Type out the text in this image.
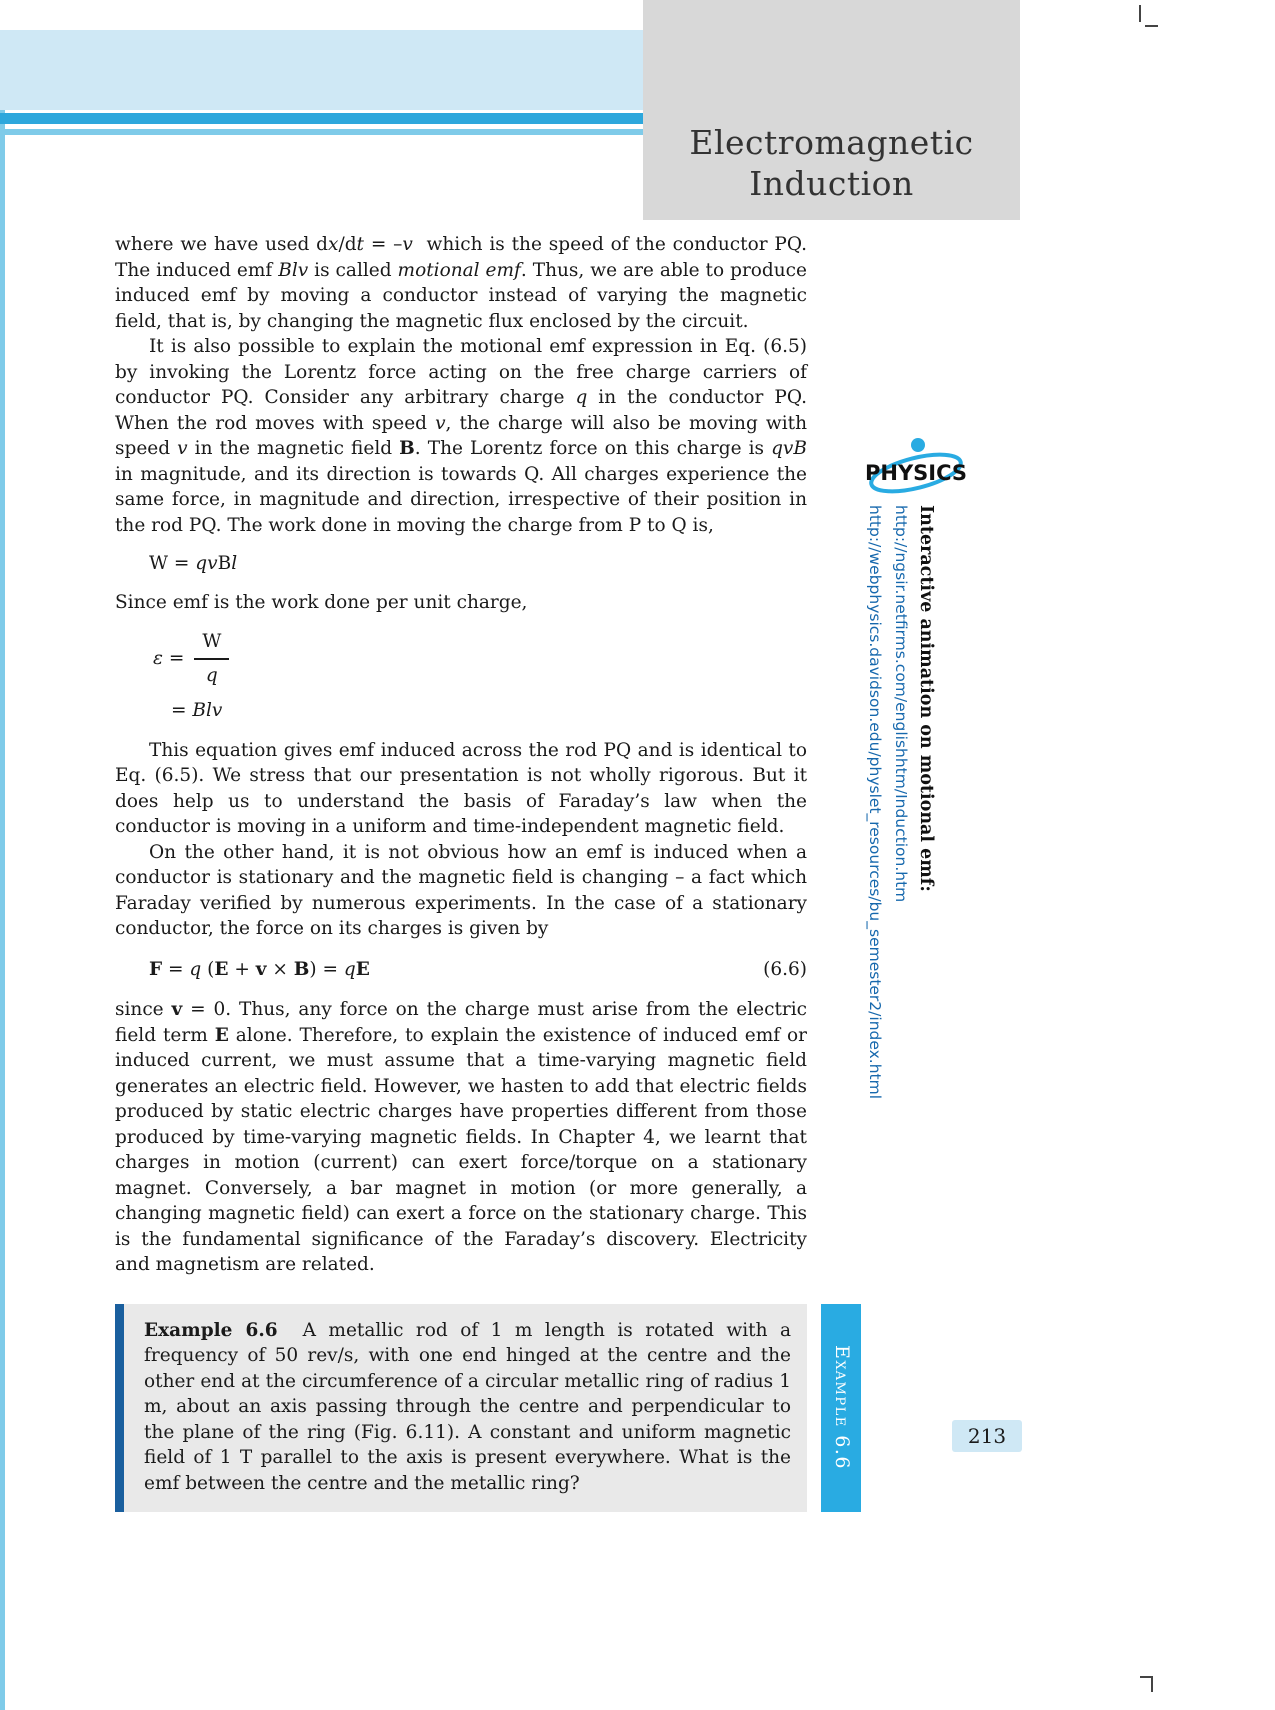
Electromagnetic
Induction

where we have used dx/dt = –v  which is the speed of the conductor PQ. The induced emf Blv is called motional emf. Thus, we are able to produce induced emf by moving a conductor instead of varying the magnetic field, that is, by changing the magnetic flux enclosed by the circuit.

It is also possible to explain the motional emf expression in Eq. (6.5) by invoking the Lorentz force acting on the free charge carriers of conductor PQ. Consider any arbitrary charge q in the conductor PQ. When the rod moves with speed v, the charge will also be moving with speed v in the magnetic field B. The Lorentz force on this charge is qvB in magnitude, and its direction is towards Q. All charges experience the same force, in magnitude and direction, irrespective of their position in the rod PQ. The work done in moving the charge from P to Q is,

W = qvBl

Since emf is the work done per unit charge,

$\varepsilon = \frac{W}{q}$
= Blv

This equation gives emf induced across the rod PQ and is identical to Eq. (6.5). We stress that our presentation is not wholly rigorous. But it does help us to understand the basis of Faraday’s law when the conductor is moving in a uniform and time-independent magnetic field.

On the other hand, it is not obvious how an emf is induced when a conductor is stationary and the magnetic field is changing – a fact which Faraday verified by numerous experiments. In the case of a stationary conductor, the force on its charges is given by

F = q (E + v × B) = qE	(6.6)

since v = 0. Thus, any force on the charge must arise from the electric field term E alone. Therefore, to explain the existence of induced emf or induced current, we must assume that a time-varying magnetic field generates an electric field. However, we hasten to add that electric fields produced by static electric charges have properties different from those produced by time-varying magnetic fields. In Chapter 4, we learnt that charges in motion (current) can exert force/torque on a stationary magnet. Conversely, a bar magnet in motion (or more generally, a changing magnetic field) can exert a force on the stationary charge. This is the fundamental significance of the Faraday’s discovery. Electricity and magnetism are related.

Example 6.6  A metallic rod of 1 m length is rotated with a frequency of 50 rev/s, with one end hinged at the centre and the other end at the circumference of a circular metallic ring of radius 1 m, about an axis passing through the centre and perpendicular to the plane of the ring (Fig. 6.11). A constant and uniform magnetic field of 1 T parallel to the axis is present everywhere. What is the emf between the centre and the metallic ring?

Example 6.6
PHYSICS
Interactive animation on motional emf:
http://ngsir.netfirms.com/englishhtm/Induction.htm
http://webphysics.davidson.edu/physlet_resources/bu_semester2/index.html
213
